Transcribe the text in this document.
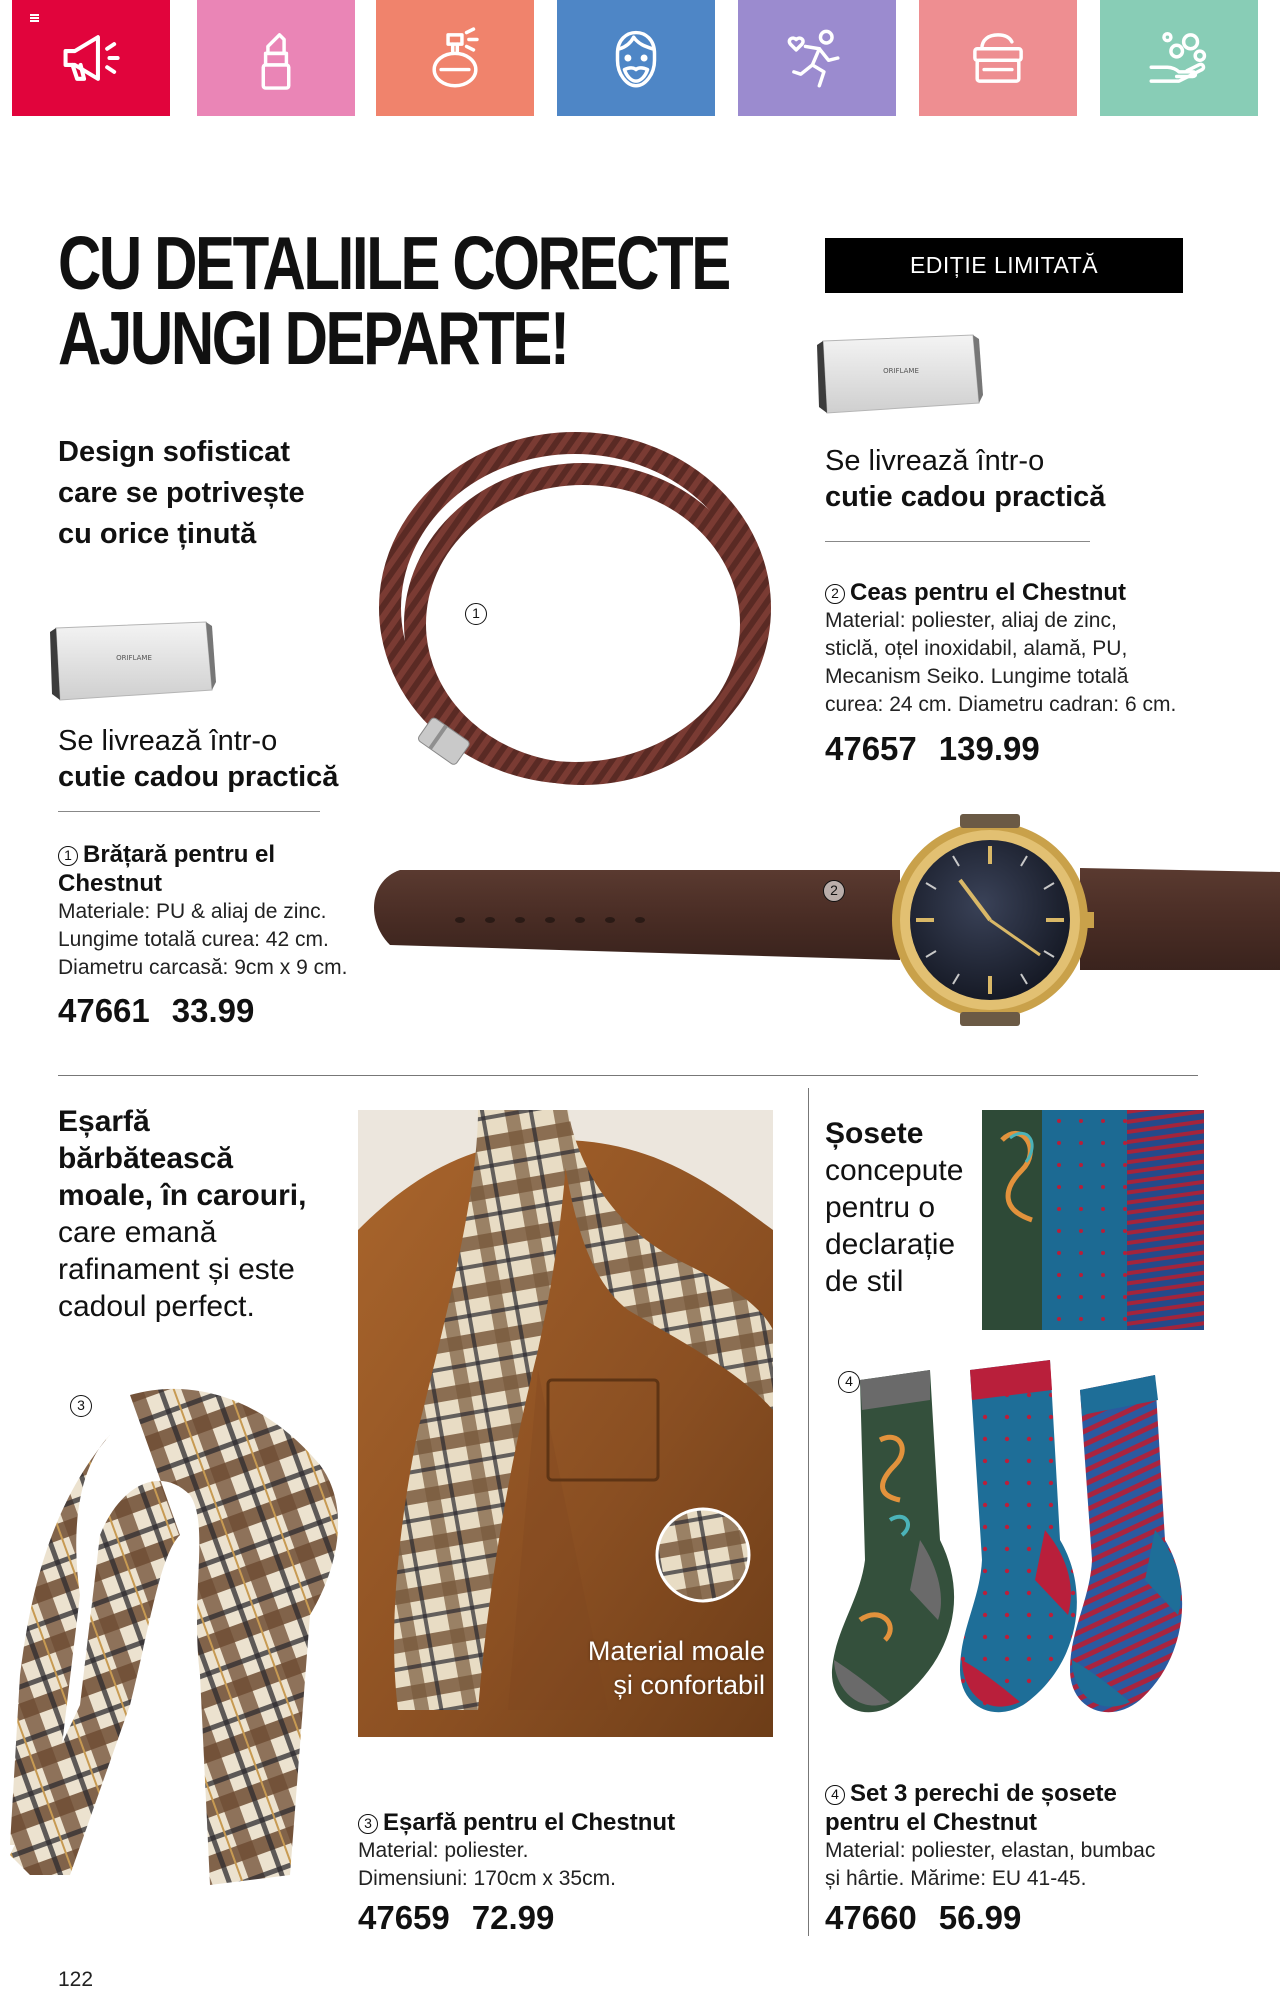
CU DETALIILE CORECTE
AJUNGI DEPARTE!
EDIȚIE LIMITATĂ
ORIFLAME
Se livrează într-o
cutie cadou practică
Design sofisticat
care se potrivește
cu orice ținută
1
ORIFLAME
Se livrează într-o
cutie cadou practică
2 Ceas pentru el Chestnut
Material: poliester, aliaj de zinc,
sticlă, oțel inoxidabil, alamă, PU,
Mecanism Seiko. Lungime totală
curea: 24 cm. Diametru cadran: 6 cm.
47657 139.99
1 Brățară pentru el Chestnut
Materiale: PU & aliaj de zinc.
Lungime totală curea: 42 cm.
Diametru carcasă: 9cm x 9 cm.
47661 33.99
2
Eșarfă
bărbătească
moale, în carouri,
care emană
rafinament și este
cadoul perfect.
Material moale
și confortabil
3
3 Eșarfă pentru el Chestnut
Material: poliester.
Dimensiuni: 170cm x 35cm.
47659 72.99
Șosete
concepute
pentru o
declarație
de stil
4
4 Set 3 perechi de șosete
pentru el Chestnut
Material: poliester, elastan, bumbac
și hârtie. Mărime: EU 41-45.
47660 56.99
122
